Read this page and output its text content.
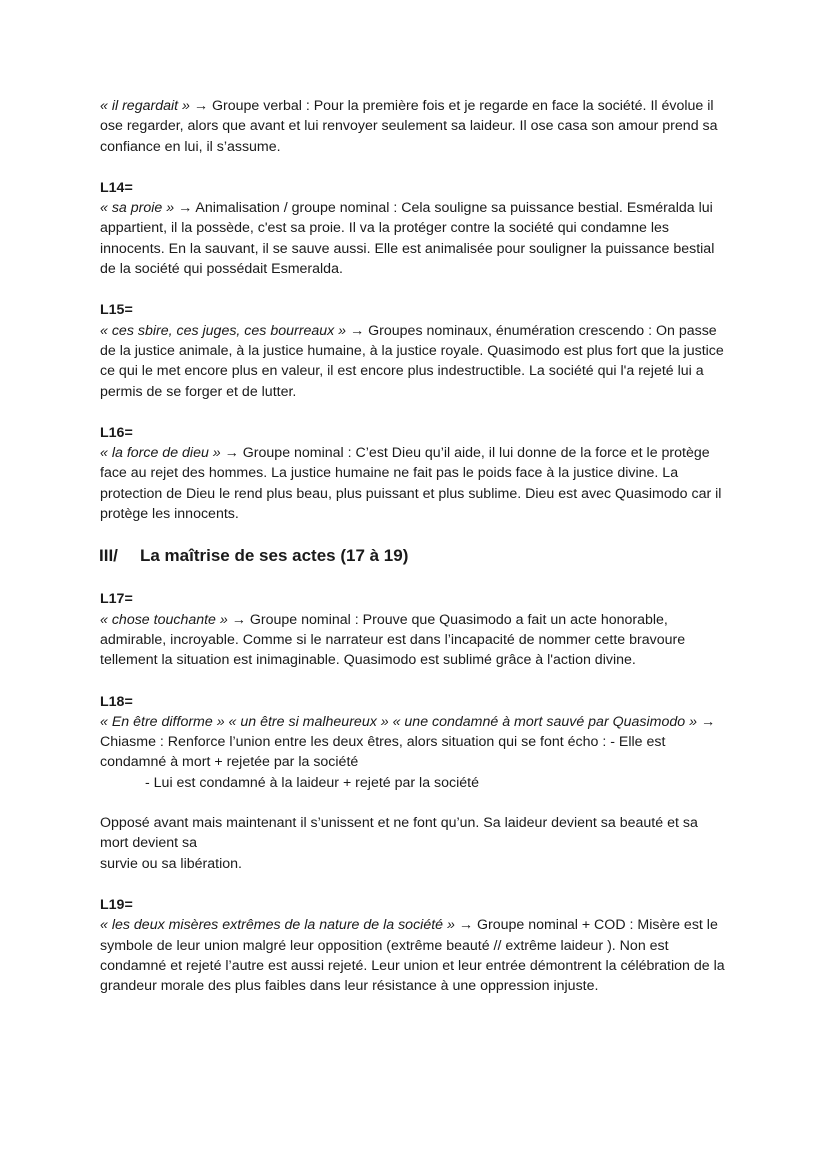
« il regardait » → Groupe verbal : Pour la première fois et je regarde en face la société. Il évolue il ose regarder, alors que avant et lui renvoyer seulement sa laideur. Il ose casa son amour prend sa confiance en lui, il s’assume.

L14=

« sa proie » → Animalisation / groupe nominal : Cela souligne sa puissance bestial. Esméralda lui appartient, il la possède, c'est sa proie. Il va la protéger contre la société qui condamne les innocents. En la sauvant, il se sauve aussi. Elle est animalisée pour souligner la puissance bestial de la société qui possédait Esmeralda.

L15=

« ces sbire, ces juges, ces bourreaux » → Groupes nominaux, énumération crescendo : On passe de la justice animale, à la justice humaine, à la justice royale. Quasimodo est plus fort que la justice ce qui le met encore plus en valeur, il est encore plus indestructible. La société qui l'a rejeté lui a permis de se forger et de lutter.

L16=

« la force de dieu » → Groupe nominal : C’est Dieu qu’il aide, il lui donne de la force et le protège face au rejet des hommes. La justice humaine ne fait pas le poids face à la justice divine. La protection de Dieu le rend plus beau, plus puissant et plus sublime. Dieu est avec Quasimodo car il protège les innocents.

III/	La maîtrise de ses actes (17 à 19)

L17=

« chose touchante » → Groupe nominal : Prouve que Quasimodo a fait un acte honorable, admirable, incroyable. Comme si le narrateur est dans l’incapacité de nommer cette bravoure tellement la situation est inimaginable. Quasimodo est sublimé grâce à l'action divine.

L18=

« En être difforme » « un être si malheureux » « une condamné à mort sauvé par Quasimodo » → Chiasme : Renforce l’union entre les deux êtres, alors situation qui se font écho : - Elle est condamné à mort + rejetée par la société

- Lui est condamné à la laideur + rejeté par la société

Opposé avant mais maintenant il s’unissent et ne font qu’un. Sa laideur devient sa beauté et sa mort devient sa

survie ou sa libération.

L19=

« les deux misères extrêmes de la nature de la société » → Groupe nominal + COD : Misère est le symbole de leur union malgré leur opposition (extrême beauté // extrême laideur ). Non est condamné et rejeté l’autre est aussi rejeté. Leur union et leur entrée démontrent la célébration de la grandeur morale des plus faibles dans leur résistance à une oppression injuste.
